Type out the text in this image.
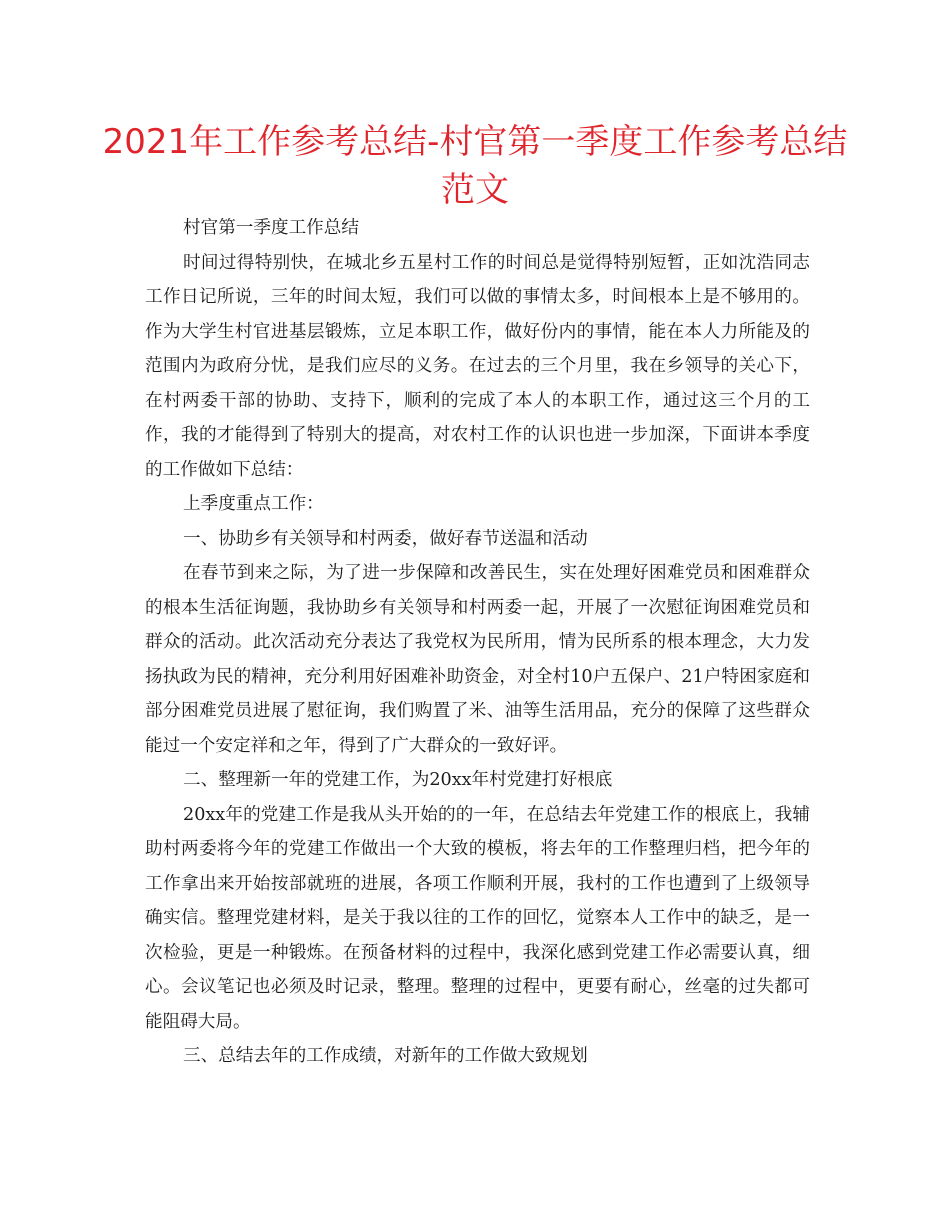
2021年工作参考总结-村官第一季度工作参考总结范文

村官第一季度工作总结

时间过得特别快，在城北乡五星村工作的时间总是觉得特别短暂，正如沈浩同志工作日记所说，三年的时间太短，我们可以做的事情太多，时间根本上是不够用的。作为大学生村官进基层锻炼，立足本职工作，做好份内的事情，能在本人力所能及的范围内为政府分忧，是我们应尽的义务。在过去的三个月里，我在乡领导的关心下，在村两委干部的协助、支持下，顺利的完成了本人的本职工作，通过这三个月的工作，我的才能得到了特别大的提高，对农村工作的认识也进一步加深，下面讲本季度的工作做如下总结：

上季度重点工作：

一、协助乡有关领导和村两委，做好春节送温和活动

在春节到来之际，为了进一步保障和改善民生，实在处理好困难党员和困难群众的根本生活征询题，我协助乡有关领导和村两委一起，开展了一次慰征询困难党员和群众的活动。此次活动充分表达了我党权为民所用，情为民所系的根本理念，大力发扬执政为民的精神，充分利用好困难补助资金，对全村10户五保户、21户特困家庭和部分困难党员进展了慰征询，我们购置了米、油等生活用品，充分的保障了这些群众能过一个安定祥和之年，得到了广大群众的一致好评。

二、整理新一年的党建工作，为20xx年村党建打好根底

20xx年的党建工作是我从头开始的的一年，在总结去年党建工作的根底上，我辅助村两委将今年的党建工作做出一个大致的模板，将去年的工作整理归档，把今年的工作拿出来开始按部就班的进展，各项工作顺利开展，我村的工作也遭到了上级领导确实信。整理党建材料，是关于我以往的工作的回忆，觉察本人工作中的缺乏，是一次检验，更是一种锻炼。在预备材料的过程中，我深化感到党建工作必需要认真，细心。会议笔记也必须及时记录，整理。整理的过程中，更要有耐心，丝毫的过失都可能阻碍大局。

三、总结去年的工作成绩，对新年的工作做大致规划
